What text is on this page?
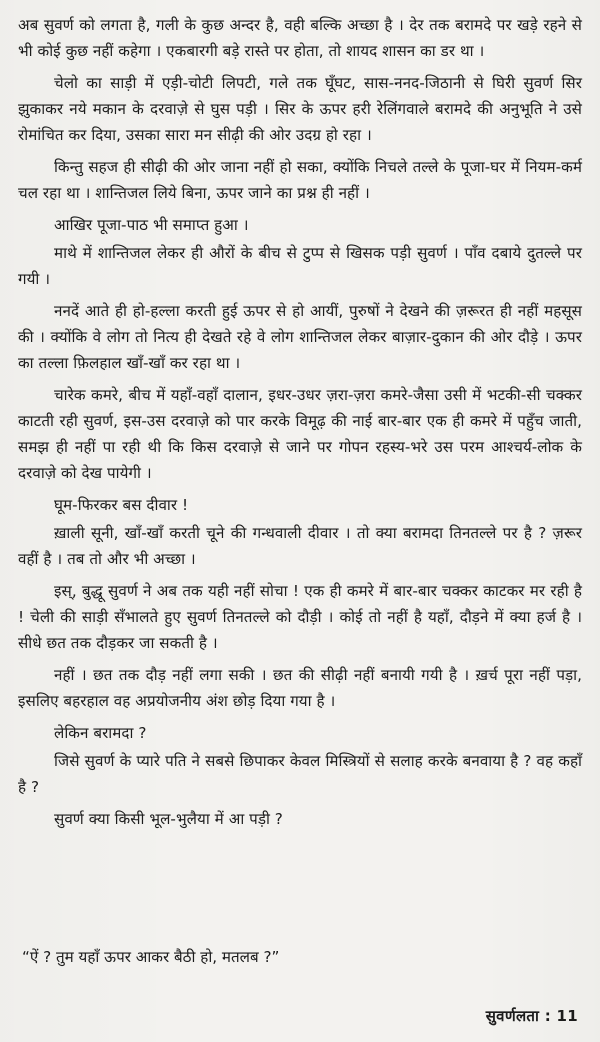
अब सुवर्ण को लगता है, गली के कुछ अन्दर है, वही बल्कि अच्छा है । देर तक बरामदे पर खड़े रहने से भी कोई कुछ नहीं कहेगा । एकबारगी बड़े रास्ते पर होता, तो शायद शासन का डर था ।

चेलो का साड़ी में एड़ी-चोटी लिपटी, गले तक घूँघट, सास-ननद-जिठानी से घिरी सुवर्ण सिर झुकाकर नये मकान के दरवाज़े से घुस पड़ी । सिर के ऊपर हरी रेलिंगवाले बरामदे की अनुभूति ने उसे रोमांचित कर दिया, उसका सारा मन सीढ़ी की ओर उदग्र हो रहा ।

किन्तु सहज ही सीढ़ी की ओर जाना नहीं हो सका, क्योंकि निचले तल्ले के पूजा-घर में नियम-कर्म चल रहा था । शान्तिजल लिये बिना, ऊपर जाने का प्रश्न ही नहीं ।

आखिर पूजा-पाठ भी समाप्त हुआ ।

माथे में शान्तिजल लेकर ही औरों के बीच से टुप्प से खिसक पड़ी सुवर्ण । पाँव दबाये दुतल्ले पर गयी ।

ननदें आते ही हो-हल्ला करती हुई ऊपर से हो आयीं, पुरुषों ने देखने की ज़रूरत ही नहीं महसूस की । क्योंकि वे लोग तो नित्य ही देखते रहे वे लोग शान्तिजल लेकर बाज़ार-दुकान की ओर दौड़े । ऊपर का तल्ला फ़िलहाल खाँ-खाँ कर रहा था ।

चारेक कमरे, बीच में यहाँ-वहाँ दालान, इधर-उधर ज़रा-ज़रा कमरे-जैसा उसी में भटकी-सी चक्कर काटती रही सुवर्ण, इस-उस दरवाज़े को पार करके विमूढ़ की नाई बार-बार एक ही कमरे में पहुँच जाती, समझ ही नहीं पा रही थी कि किस दरवाज़े से जाने पर गोपन रहस्य-भरे उस परम आश्चर्य-लोक के दरवाज़े को देख पायेगी ।

घूम-फिरकर बस दीवार !

ख़ाली सूनी, खाँ-खाँ करती चूने की गन्धवाली दीवार । तो क्या बरामदा तिनतल्ले पर है ? ज़रूर वहीं है । तब तो और भी अच्छा ।

इस्, बुद्धू सुवर्ण ने अब तक यही नहीं सोचा ! एक ही कमरे में बार-बार चक्कर काटकर मर रही है ! चेली की साड़ी सँभालते हुए सुवर्ण तिनतल्ले को दौड़ी । कोई तो नहीं है यहाँ, दौड़ने में क्या हर्ज है । सीधे छत तक दौड़कर जा सकती है ।

नहीं । छत तक दौड़ नहीं लगा सकी । छत की सीढ़ी नहीं बनायी गयी है । ख़र्च पूरा नहीं पड़ा, इसलिए बहरहाल वह अप्रयोजनीय अंश छोड़ दिया गया है ।

लेकिन बरामदा ?

जिसे सुवर्ण के प्यारे पति ने सबसे छिपाकर केवल मिस्त्रियों से सलाह करके बनवाया है ? वह कहाँ है ?

सुवर्ण क्या किसी भूल-भुलैया में आ पड़ी ?

“ऐं ? तुम यहाँ ऊपर आकर बैठी हो, मतलब ?”
सुवर्णलता : 11
